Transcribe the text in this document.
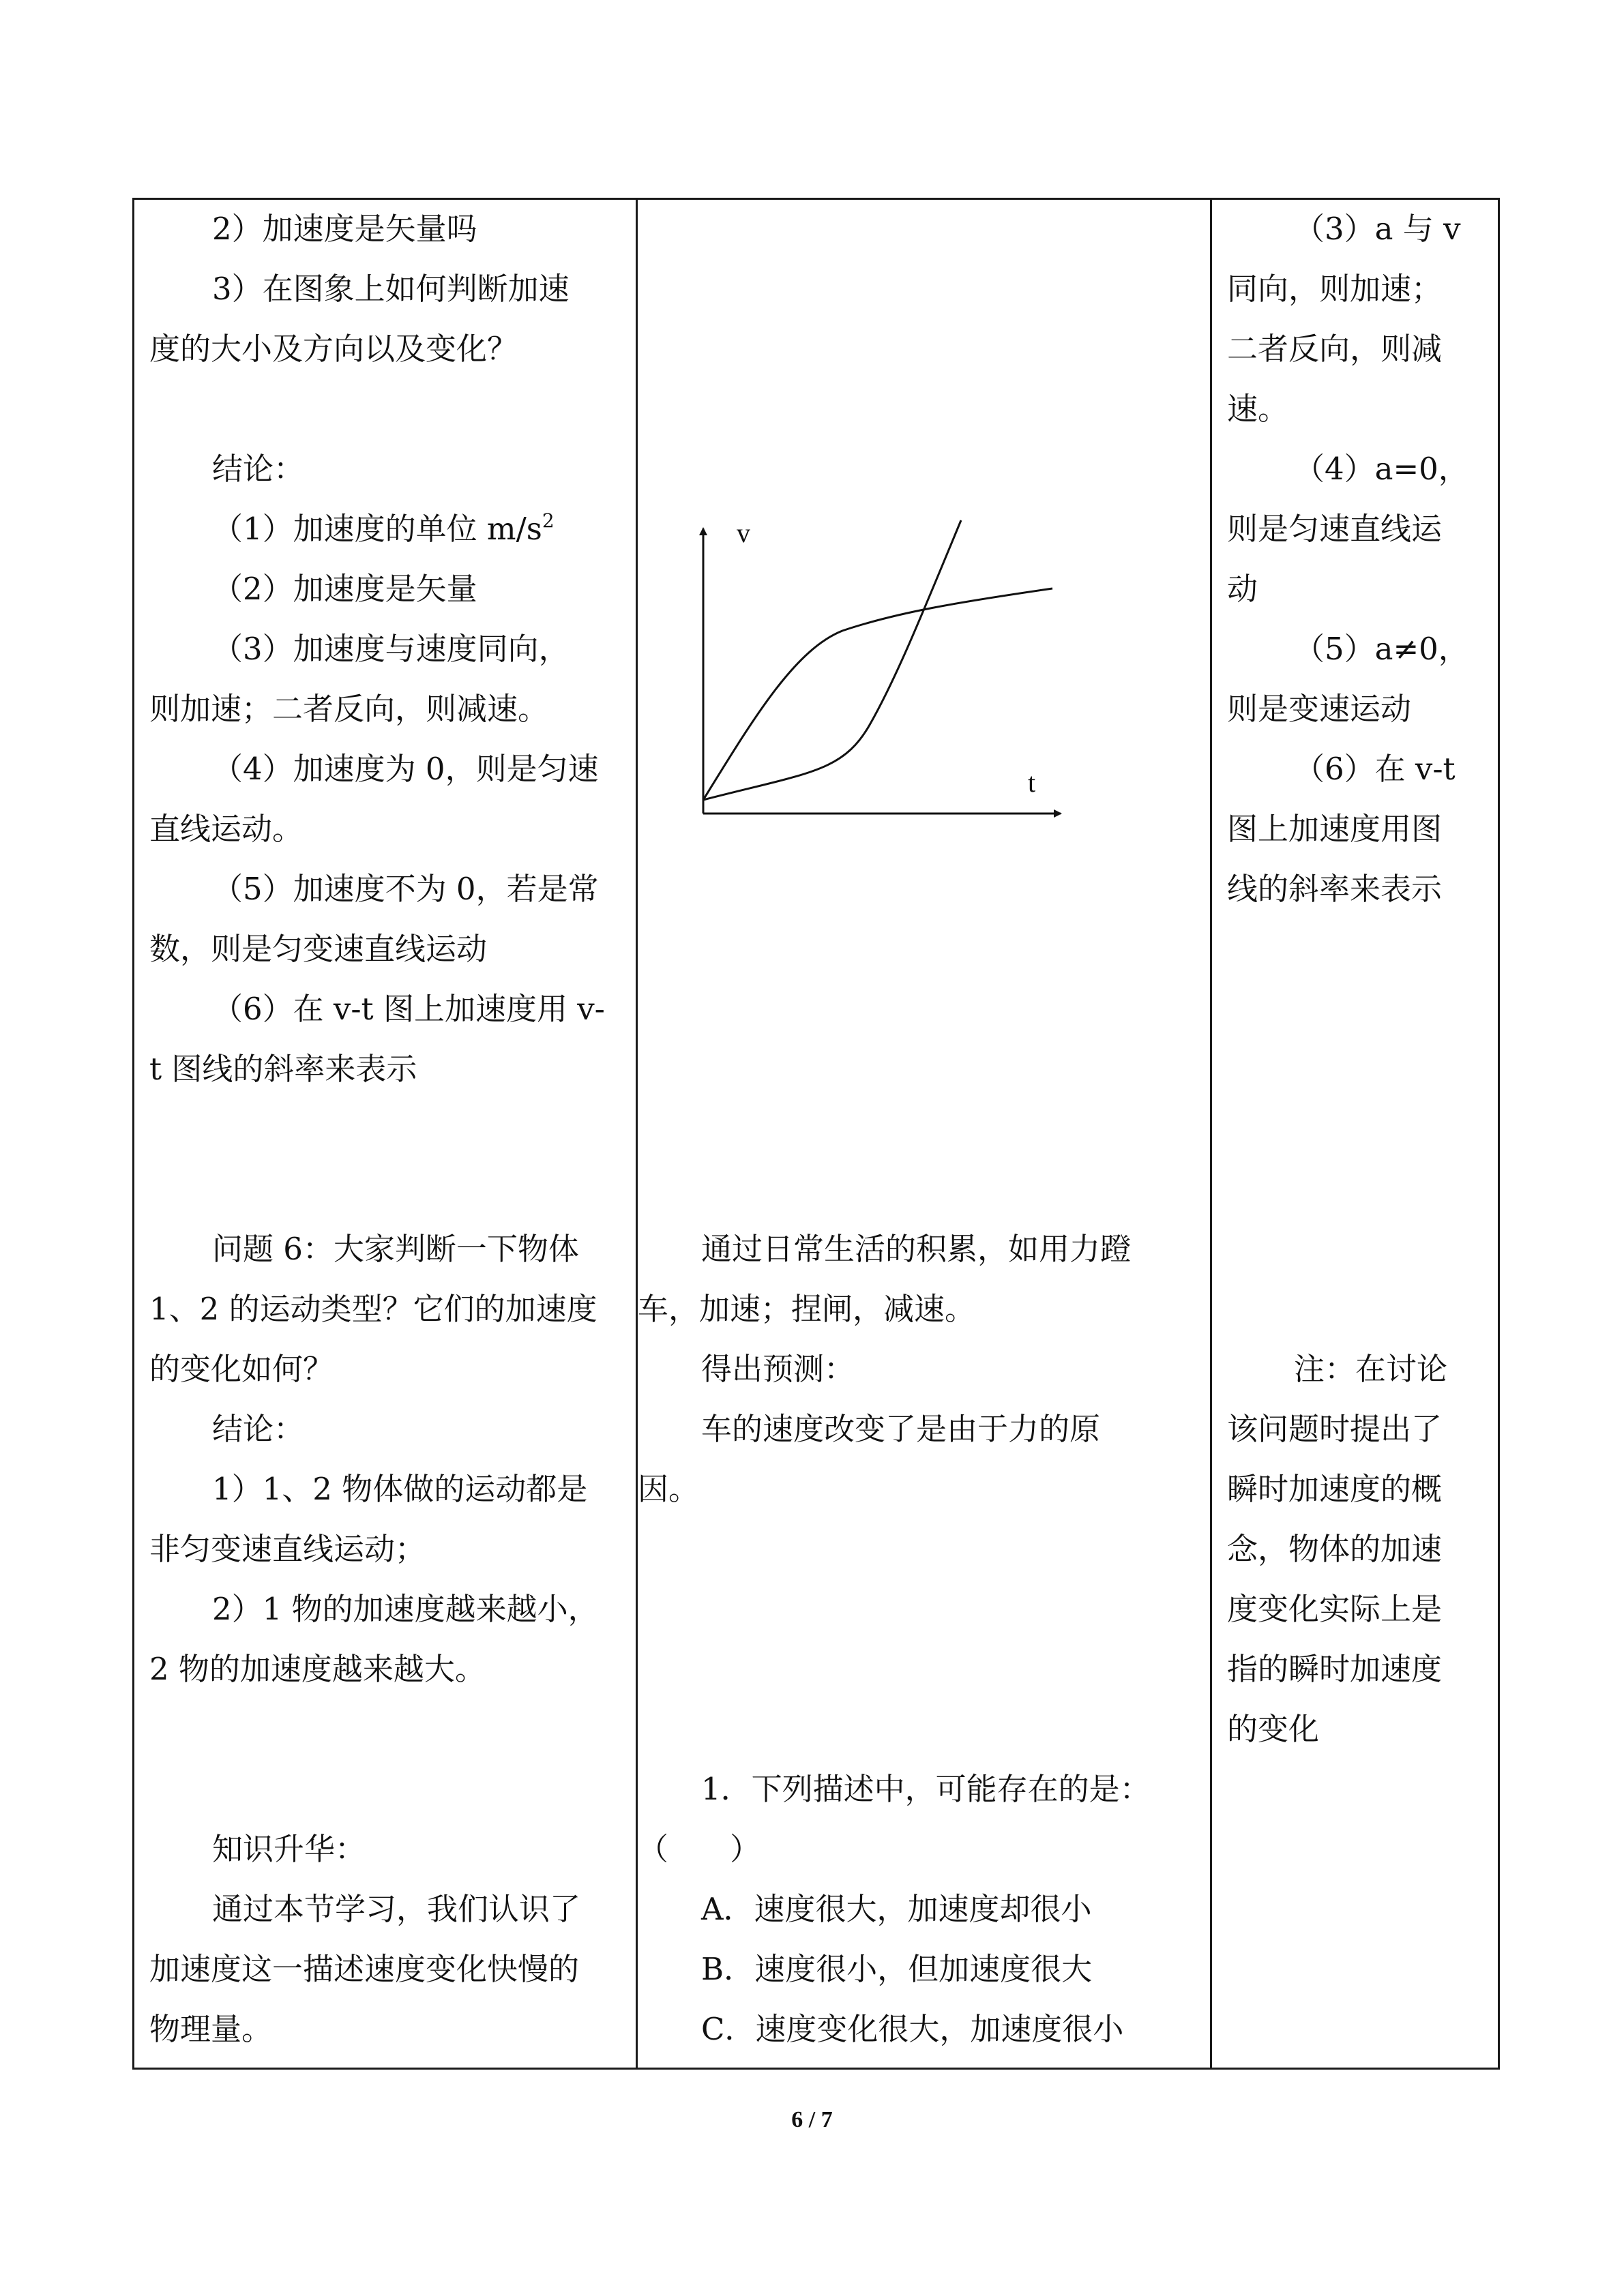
2）加速度是矢量吗

3）在图象上如何判断加速

度的大小及方向以及变化？

结论：

（1）加速度的单位 $m/s^2$

（2）加速度是矢量

（3）加速度与速度同向，

则加速；二者反向，则减速。

（4）加速度为 0，则是匀速

直线运动。

（5）加速度不为 0，若是常

数，则是匀变速直线运动

（6）在 v-t 图上加速度用 v-

t 图线的斜率来表示

问题 6：大家判断一下物体

1、2 的运动类型？它们的加速度

的变化如何？

结论：

1）1、2 物体做的运动都是

非匀变速直线运动；

2）1 物的加速度越来越小，

2 物的加速度越来越大。

知识升华：

通过本节学习，我们认识了

加速度这一描述速度变化快慢的

物理量。

v
t

通过日常生活的积累，如用力蹬

车，加速；捏闸，减速。

得出预测：

车的速度改变了是由于力的原

因。

1．下列描述中，可能存在的是：

（　　）

A．速度很大，加速度却很小

B．速度很小，但加速度很大

C．速度变化很大，加速度很小

（3）a 与 v

同向，则加速；

二者反向，则减

速。

（4）a=0，

则是匀速直线运

动

（5）a≠0，

则是变速运动

（6）在 v-t

图上加速度用图

线的斜率来表示

注：在讨论

该问题时提出了

瞬时加速度的概

念，物体的加速

度变化实际上是

指的瞬时加速度

的变化

6 / 7
